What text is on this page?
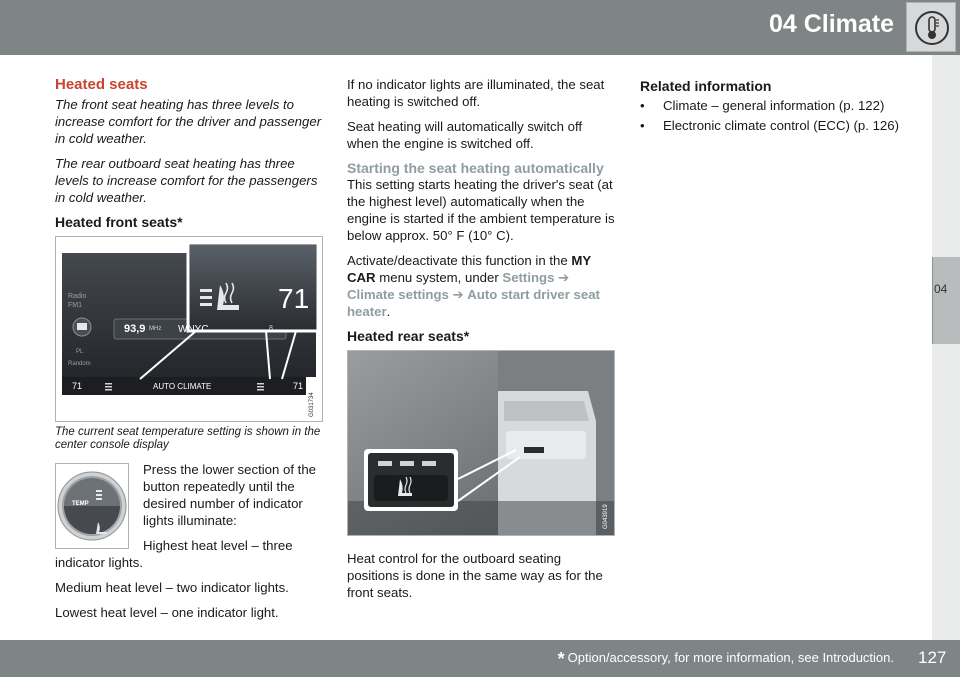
04 Climate
04
Heated seats

The front seat heating has three levels to increase comfort for the driver and passenger in cold weather.

The rear outboard seat heating has three levels to increase comfort for the passengers in cold weather.

Heated front seats*
Radio
FM1
93,9 MHz WNYC	8
PL
Random
71	AUTO CLIMATE	71
71
G031734
The current seat temperature setting is shown in the center console display
TEMP

Press the lower section of the button repeatedly until the desired number of indicator lights illuminate:

Highest heat level – three indicator lights.

Medium heat level – two indicator lights.

Lowest heat level – one indicator light.

If no indicator lights are illuminated, the seat heating is switched off.

Seat heating will automatically switch off when the engine is switched off.

Starting the seat heating automatically

This setting starts heating the driver's seat (at the highest level) automatically when the engine is started if the ambient temperature is below approx. 50° F (10° C).

Activate/deactivate this function in the MY CAR menu system, under Settings ➔ Climate settings ➔ Auto start driver seat heater.

Heated rear seats*
G043919

Heat control for the outboard seating positions is done in the same way as for the front seats.

Related information
• Climate – general information (p. 122)
• Electronic climate control (ECC) (p. 126)
* Option/accessory, for more information, see Introduction. 127
